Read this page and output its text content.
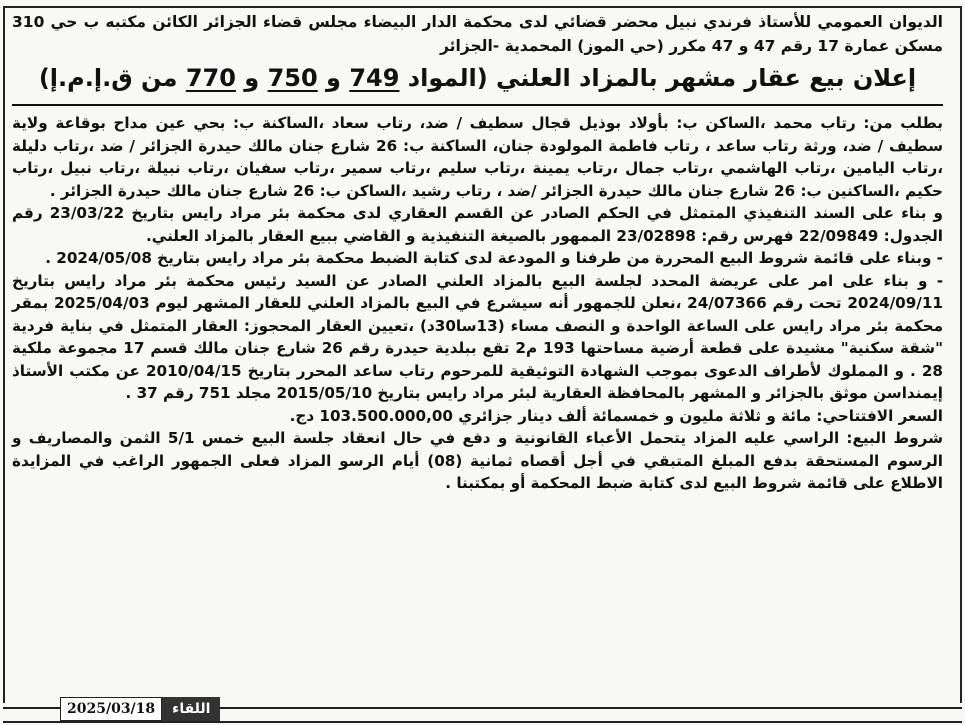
الديوان العمومي للأستاذ فرندي نبيل محضر قضائي لدى محكمة الدار البيضاء مجلس قضاء الجزائر الكائن مكتبه ب حي 310 مسكن عمارة 17 رقم 47 و 47 مكرر (حي الموز) المحمدية -الجزائر
إعلان بيع عقار مشهر بالمزاد العلني (المواد 749 و 750 و 770 من ق.إ.م.إ)

بطلب من: رتاب محمد ،الساكن ب: بأولاد بوذيل قجال سطيف / ضد، رتاب سعاد ،الساكنة ب: بحي عين مداح بوقاعة ولاية سطيف / ضد، ورثة رتاب ساعد ، رتاب فاطمة المولودة جنان، الساكنة ب: 26 شارع جنان مالك حيدرة الجزائر / ضد ،رتاب دليلة ،رتاب اليامين ،رتاب الهاشمي ،رتاب جمال ،رتاب يمينة ،رتاب سليم ،رتاب سمير ،رتاب سفيان ،رتاب نبيلة ،رتاب نبيل ،رتاب حكيم ،الساكنين ب: 26 شارع جنان مالك حيدرة الجزائر /ضد ، رتاب رشيد ،الساكن ب: 26 شارع جنان مالك حيدرة الجزائر .

و بناء على السند التنفيذي المتمثل في الحكم الصادر عن القسم العقاري لدى محكمة بئر مراد رايس بتاريخ 23/03/22 رقم الجدول: 22/09849 فهرس رقم: 23/02898 الممهور بالصيغة التنفيذية و القاضي ببيع العقار بالمزاد العلني.

- وبناء على قائمة شروط البيع المحررة من طرفنا و المودعة لدى كتابة الضبط محكمة بئر مراد رايس بتاريخ 2024/05/08 .

- و بناء على امر على عريضة المحدد لجلسة البيع بالمزاد العلني الصادر عن السيد رئيس محكمة بئر مراد رايس بتاريخ 2024/09/11 تحت رقم 24/07366 ،نعلن للجمهور أنه سيشرع في البيع بالمزاد العلني للعقار المشهر ليوم 2025/04/03 بمقر محكمة بئر مراد رايس على الساعة الواحدة و النصف مساء (13سا30د) ،تعيين العقار المحجوز: العقار المتمثل في بناية فردية "شقة سكنية" مشيدة على قطعة أرضية مساحتها 193 م2 تقع ببلدية حيدرة رقم 26 شارع جنان مالك قسم 17 مجموعة ملكية 28 . و المملوك لأطراف الدعوى بموجب الشهادة التوثيقية للمرحوم رتاب ساعد المحرر بتاريخ 2010/04/15 عن مكتب الأستاذ إيمنداسن موثق بالجزائر و المشهر بالمحافظة العقارية لبئر مراد رايس بتاريخ 2015/05/10 مجلد 751 رقم 37 .

السعر الافتتاحي: مائة و ثلاثة مليون و خمسمائة ألف دينار جزائري 103.500.000,00 دج.

شروط البيع: الراسي عليه المزاد يتحمل الأعباء القانونية و دفع في حال انعقاد جلسة البيع خمس 5/1 الثمن والمصاريف و الرسوم المستحقة بدفع المبلغ المتبقي في أجل أقصاه ثمانية (08) أيام الرسو المزاد فعلى الجمهور الراغب في المزايدة الاطلاع على قائمة شروط البيع لدى كتابة ضبط المحكمة أو بمكتبنا .

2025/03/18	اللقاء
